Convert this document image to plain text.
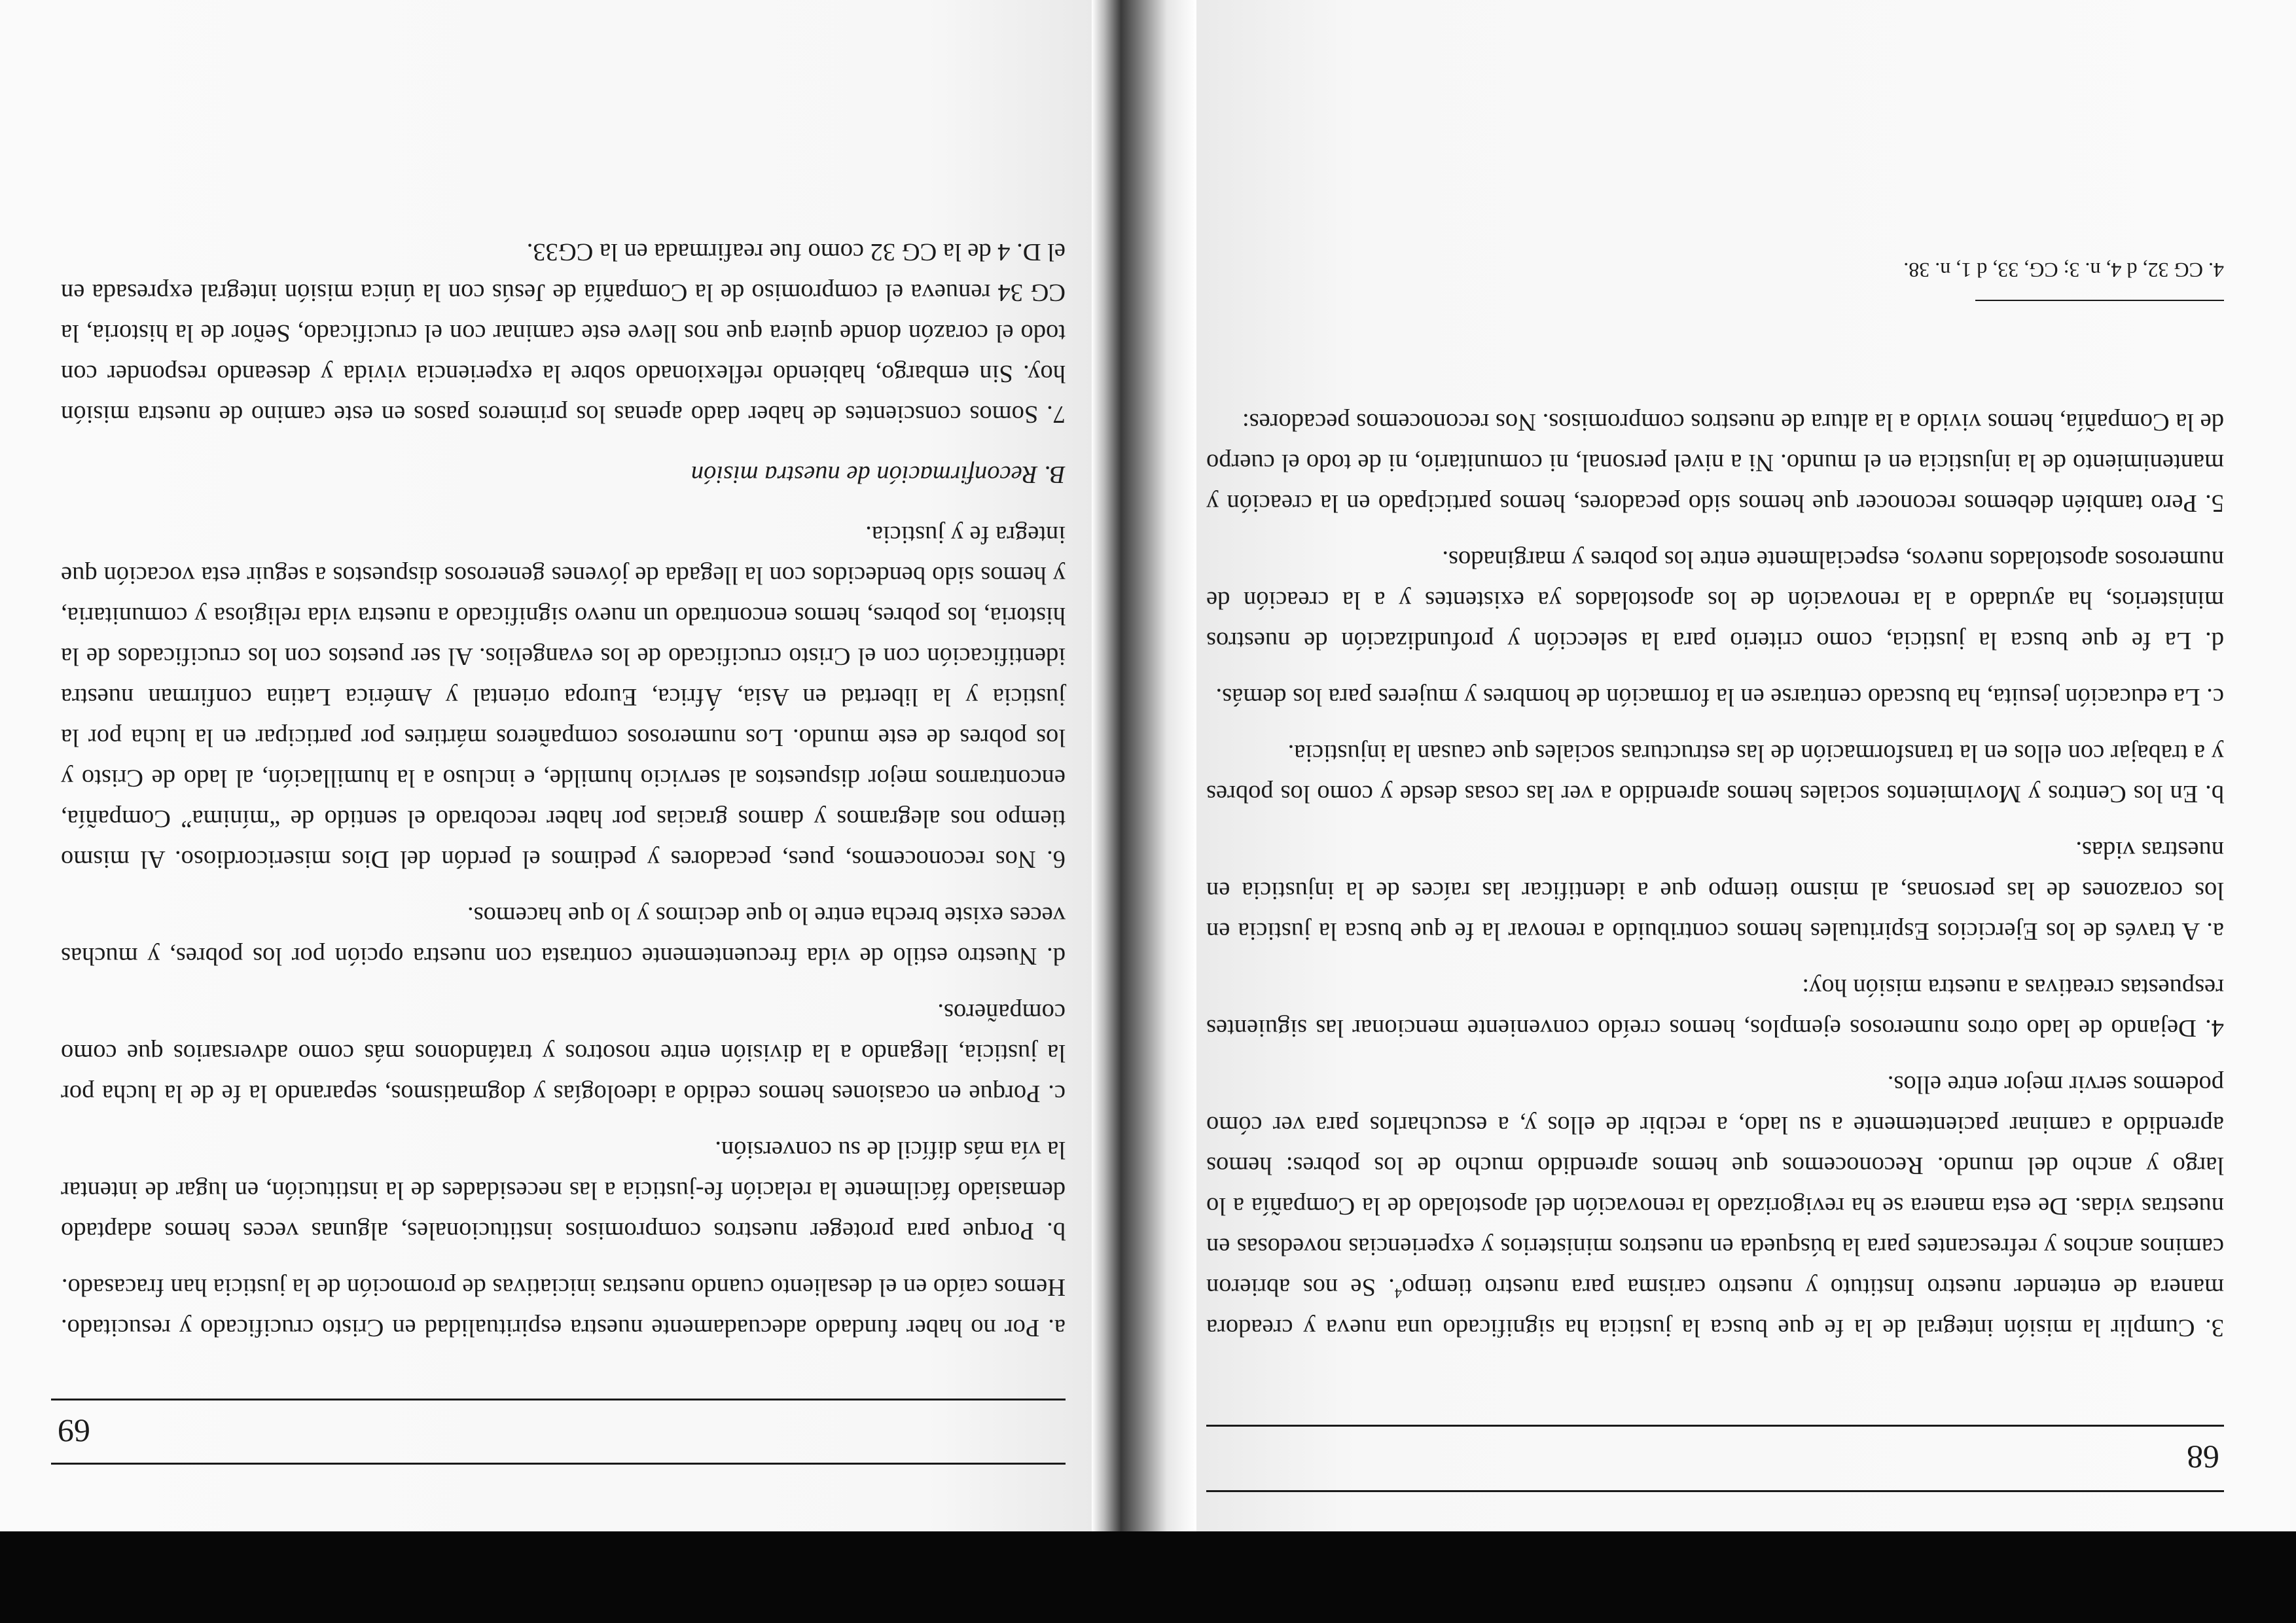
68

3. Cumplir la misión integral de la fe que busca la justicia ha significado una nueva y creadora manera de entender nuestro Instituto y nuestro carisma para nuestro tiempo$^4$. Se nos abrieron caminos anchos y refrescantes para la búsqueda en nuestros ministerios y experiencias novedosas en nuestras vidas. De esta manera se ha revigorizado la renovación del apostolado de la Compañía a lo largo y ancho del mundo. Reconocemos que hemos aprendido mucho de los pobres: hemos aprendido a caminar pacientemente a su lado, a recibir de ellos y, a escucharlos para ver cómo podemos servir mejor entre ellos.

4. Dejando de lado otros numerosos ejemplos, hemos creído conveniente mencionar las siguientes respuestas creativas a nuestra misión hoy:

a. A través de los Ejercicios Espirituales hemos contribuido a renovar la fe que busca la justicia en los corazones de las personas, al mismo tiempo que a identificar las raíces de la injusticia en nuestras vidas.

b. En los Centros y Movimientos sociales hemos aprendido a ver las cosas desde y como los pobres y a trabajar con ellos en la transformación de las estructuras sociales que causan la injusticia.

c. La educación jesuita, ha buscado centrarse en la formación de hombres y mujeres para los demás.

d. La fe que busca la justicia, como criterio para la selección y profundización de nuestros ministerios, ha ayudado a la renovación de los apostolados ya existentes y a la creación de numerosos apostolados nuevos, especialmente entre los pobres y marginados.

5. Pero también debemos reconocer que hemos sido pecadores, hemos participado en la creación y mantenimiento de la injusticia en el mundo. Ni a nivel personal, ni comunitario, ni de todo el cuerpo de la Compañía, hemos vivido a la altura de nuestros compromisos. Nos reconocemos pecadores:

4. CG 32, d 4, n. 3; CG, 33, d 1, n. 38.
69

a. Por no haber fundado adecuadamente nuestra espiritualidad en Cristo crucificado y resucitado. Hemos caído en el desaliento cuando nuestras iniciativas de promoción de la justicia han fracasado.

b. Porque para proteger nuestros compromisos institucionales, algunas veces hemos adaptado demasiado fácilmente la relación fe-justicia a las necesidades de la institución, en lugar de intentar la vía más difícil de su conversión.

c. Porque en ocasiones hemos cedido a ideologías y dogmatismos, separando la fe de la lucha por la justicia, llegando a la división entre nosotros y tratándonos más como adversarios que como compañeros.

d. Nuestro estilo de vida frecuentemente contrasta con nuestra opción por los pobres, y muchas veces existe brecha entre lo que decimos y lo que hacemos.

6. Nos reconocemos, pues, pecadores y pedimos el perdón del Dios misericordioso. Al mismo tiempo nos alegramos y damos gracias por haber recobrado el sentido de “mínima” Compañía, encontrarnos mejor dispuestos al servicio humilde, e incluso a la humillación, al lado de Cristo y los pobres de este mundo. Los numerosos compañeros mártires por participar en la lucha por la justicia y la libertad en Asia, África, Europa oriental y América Latina confirman nuestra identificación con el Cristo crucificado de los evangelios. Al ser puestos con los crucificados de la historia, los pobres, hemos encontrado un nuevo significado a nuestra vida religiosa y comunitaria, y hemos sido bendecidos con la llegada de jóvenes generosos dispuestos a seguir esta vocación que integra fe y justicia.

B. Reconfirmación de nuestra misión

7. Somos conscientes de haber dado apenas los primeros pasos en este camino de nuestra misión hoy. Sin embargo, habiendo reflexionado sobre la experiencia vivida y deseando responder con todo el corazón donde quiera que nos lleve este caminar con el crucificado, Señor de la historia, la CG 34 renueva el compromiso de la Compañía de Jesús con la única misión integral expresada en el D. 4 de la CG 32 como fue reafirmada en la CG33.
